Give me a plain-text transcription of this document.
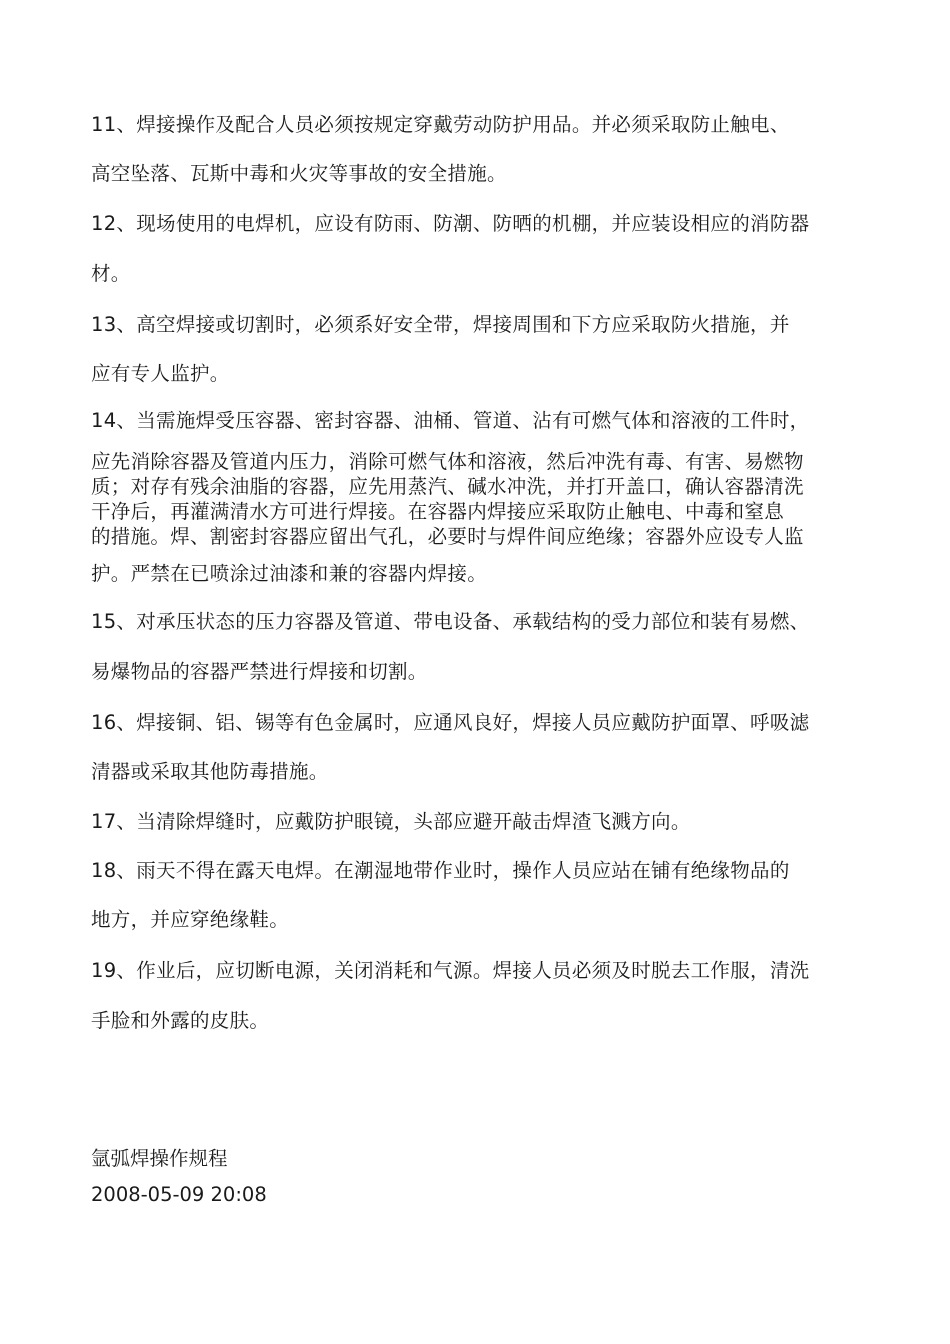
11、焊接操作及配合人员必须按规定穿戴劳动防护用品。并必须采取防止触电、
高空坠落、瓦斯中毒和火灾等事故的安全措施。
12、现场使用的电焊机，应设有防雨、防潮、防晒的机棚，并应装设相应的消防器
材。
13、高空焊接或切割时，必须系好安全带，焊接周围和下方应采取防火措施，并
应有专人监护。
14、当需施焊受压容器、密封容器、油桶、管道、沾有可燃气体和溶液的工件时，
应先消除容器及管道内压力，消除可燃气体和溶液，然后冲洗有毒、有害、易燃物
质；对存有残余油脂的容器，应先用蒸汽、碱水冲洗，并打开盖口，确认容器清洗
干净后，再灌满清水方可进行焊接。在容器内焊接应采取防止触电、中毒和窒息
的措施。焊、割密封容器应留出气孔，必要时与焊件间应绝缘；容器外应设专人监
护。严禁在已喷涂过油漆和兼的容器内焊接。
15、对承压状态的压力容器及管道、带电设备、承载结构的受力部位和装有易燃、
易爆物品的容器严禁进行焊接和切割。
16、焊接铜、铝、锡等有色金属时，应通风良好，焊接人员应戴防护面罩、呼吸滤
清器或采取其他防毒措施。
17、当清除焊缝时，应戴防护眼镜，头部应避开敲击焊渣飞溅方向。
18、雨天不得在露天电焊。在潮湿地带作业时，操作人员应站在铺有绝缘物品的
地方，并应穿绝缘鞋。
19、作业后，应切断电源，关闭消耗和气源。焊接人员必须及时脱去工作服，清洗
手脸和外露的皮肤。
氩弧焊操作规程
2008-05-09 20:08
